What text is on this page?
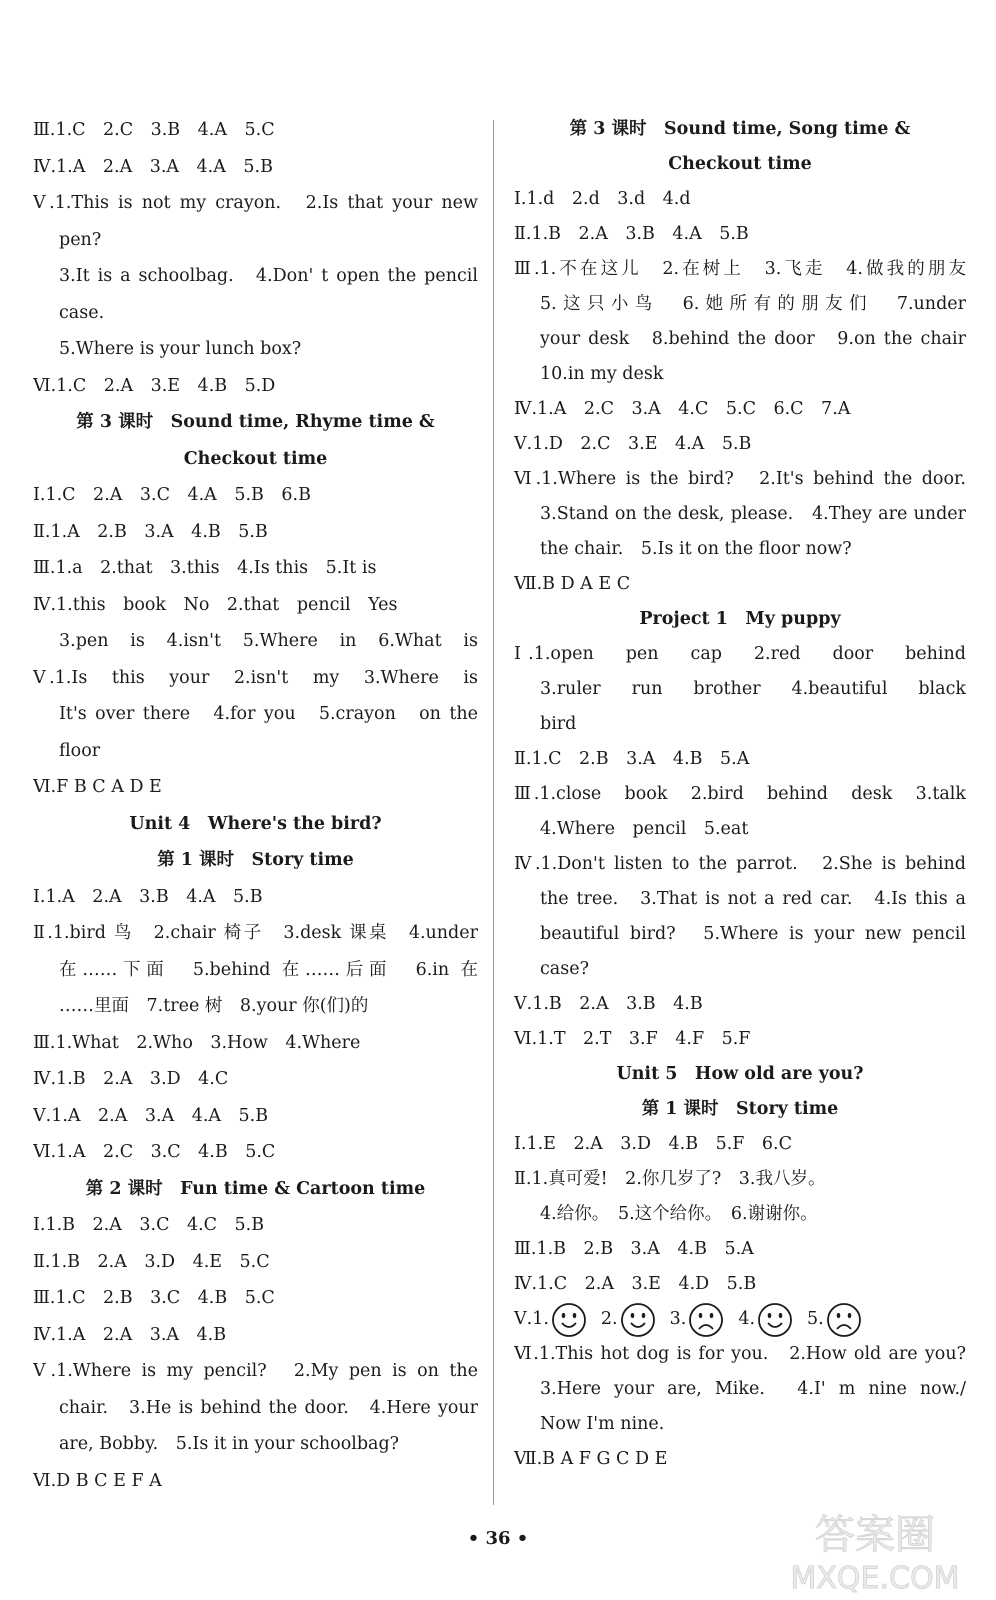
Ⅲ.1.C　2.C　3.B　4.A　5.C
Ⅳ.1.A　2.A　3.A　4.A　5.B
Ⅴ.1.This is not my crayon.　2.Is that your new
pen?
3.It is a schoolbag.　4.Don' t open the pencil
case.
5.Where is your lunch box?
Ⅵ.1.C　2.A　3.E　4.B　5.D
第 3 课时　Sound time, Rhyme time &
Checkout time
Ⅰ.1.C　2.A　3.C　4.A　5.B　6.B
Ⅱ.1.A　2.B　3.A　4.B　5.B
Ⅲ.1.a　2.that　3.this　4.Is this　5.It is
Ⅳ.1.this　book　No　2.that　pencil　Yes
3.pen　is　4.isn't　5.Where　in　6.What　is
Ⅴ.1.Is　this　your　2.isn't　my　3.Where　is
It's over there　4.for you　5.crayon　on the
floor
Ⅵ.F B C A D E
Unit 4　Where's the bird?
第 1 课时　Story time
Ⅰ.1.A　2.A　3.B　4.A　5.B
Ⅱ.1.bird 鸟　2.chair 椅子　3.desk 课桌　4.under
在……下面　5.behind 在……后面　6.in 在
……里面　7.tree 树　8.your 你(们)的
Ⅲ.1.What　2.Who　3.How　4.Where
Ⅳ.1.B　2.A　3.D　4.C
Ⅴ.1.A　2.A　3.A　4.A　5.B
Ⅵ.1.A　2.C　3.C　4.B　5.C
第 2 课时　Fun time & Cartoon time
Ⅰ.1.B　2.A　3.C　4.C　5.B
Ⅱ.1.B　2.A　3.D　4.E　5.C
Ⅲ.1.C　2.B　3.C　4.B　5.C
Ⅳ.1.A　2.A　3.A　4.B
Ⅴ.1.Where is my pencil?　2.My pen is on the
chair.　3.He is behind the door.　4.Here your
are, Bobby.　5.Is it in your schoolbag?
Ⅵ.D B C E F A
第 3 课时　Sound time, Song time &
Checkout time
Ⅰ.1.d　2.d　3.d　4.d
Ⅱ.1.B　2.A　3.B　4.A　5.B
Ⅲ.1.不在这儿　2.在树上　3.飞走　4.做我的朋友
5.这只小鸟　6.她所有的朋友们　7.under
your desk　8.behind the door　9.on the chair
10.in my desk
Ⅳ.1.A　2.C　3.A　4.C　5.C　6.C　7.A
Ⅴ.1.D　2.C　3.E　4.A　5.B
Ⅵ.1.Where is the bird?　2.It's behind the door.
3.Stand on the desk, please.　4.They are under
the chair.　5.Is it on the floor now?
Ⅶ.B D A E C
Project 1　My puppy
Ⅰ.1.open　pen　cap　2.red　door　behind
3.ruler　run　brother　4.beautiful　black
bird
Ⅱ.1.C　2.B　3.A　4.B　5.A
Ⅲ.1.close　book　2.bird　behind　desk　3.talk
4.Where　pencil　5.eat
Ⅳ.1.Don't listen to the parrot.　2.She is behind
the tree.　3.That is not a red car.　4.Is this a
beautiful bird?　5.Where is your new pencil
case?
Ⅴ.1.B　2.A　3.B　4.B
Ⅵ.1.T　2.T　3.F　4.F　5.F
Unit 5　How old are you?
第 1 课时　Story time
Ⅰ.1.E　2.A　3.D　4.B　5.F　6.C
Ⅱ.1.真可爱!　2.你几岁了?　3.我八岁。
4.给你。　5.这个给你。　6.谢谢你。
Ⅲ.1.B　2.B　3.A　4.B　5.A
Ⅳ.1.C　2.A　3.E　4.D　5.B
Ⅴ. 1.	2.	3.	4.	5.
Ⅵ.1.This hot dog is for you.　2.How old are you?
3.Here your are, Mike.　4.I' m nine now./
Now I'm nine.
Ⅶ.B A F G C D E
• 36 •	答案圈
MXQE.COM
